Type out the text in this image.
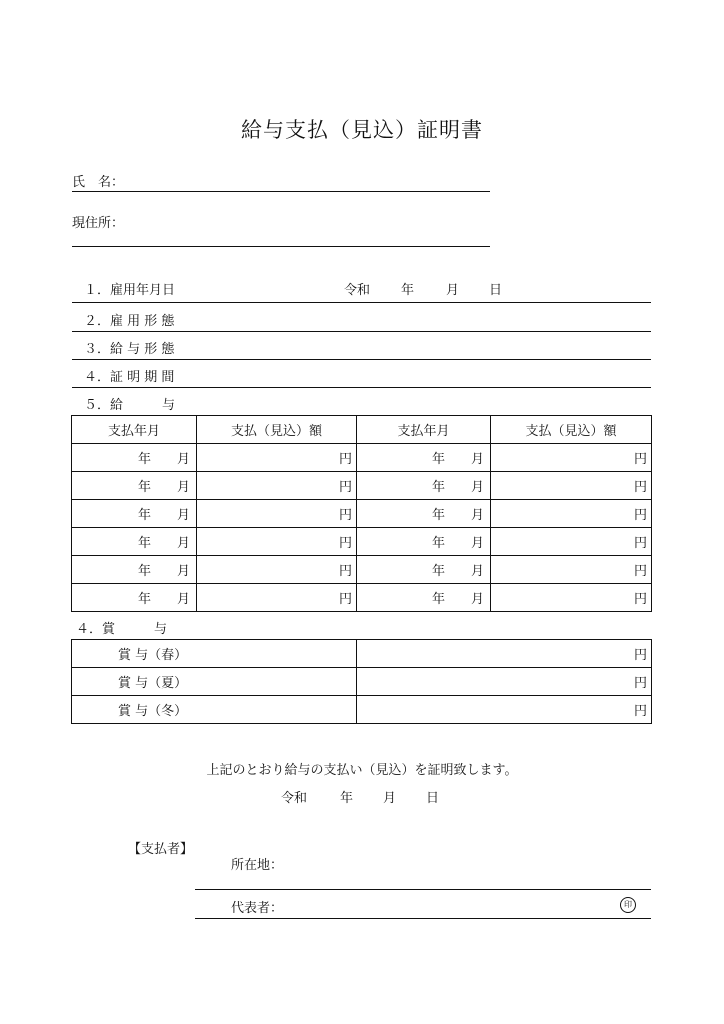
給与支払（見込）証明書
氏　名：
現住所：
１．雇用年月日	令和 年 月 日
２．雇 用 形 態
３．給 与 形 態
４．証 明 期 間
５．給　　　与
支払年月	支払（見込）額	支払年月	支払（見込）額

年 月	円	年 月	円

年 月	円	年 月	円

年 月	円	年 月	円

年 月	円	年 月	円

年 月	円	年 月	円

年 月	円	年 月	円
４．賞　　　与
賞 与（春）	円
賞 与（夏）	円
賞 与（冬）	円
上記のとおり給与の支払い（見込）を証明致します。
令和	年 月 日
【支払者】
所在地：
代表者：	印
